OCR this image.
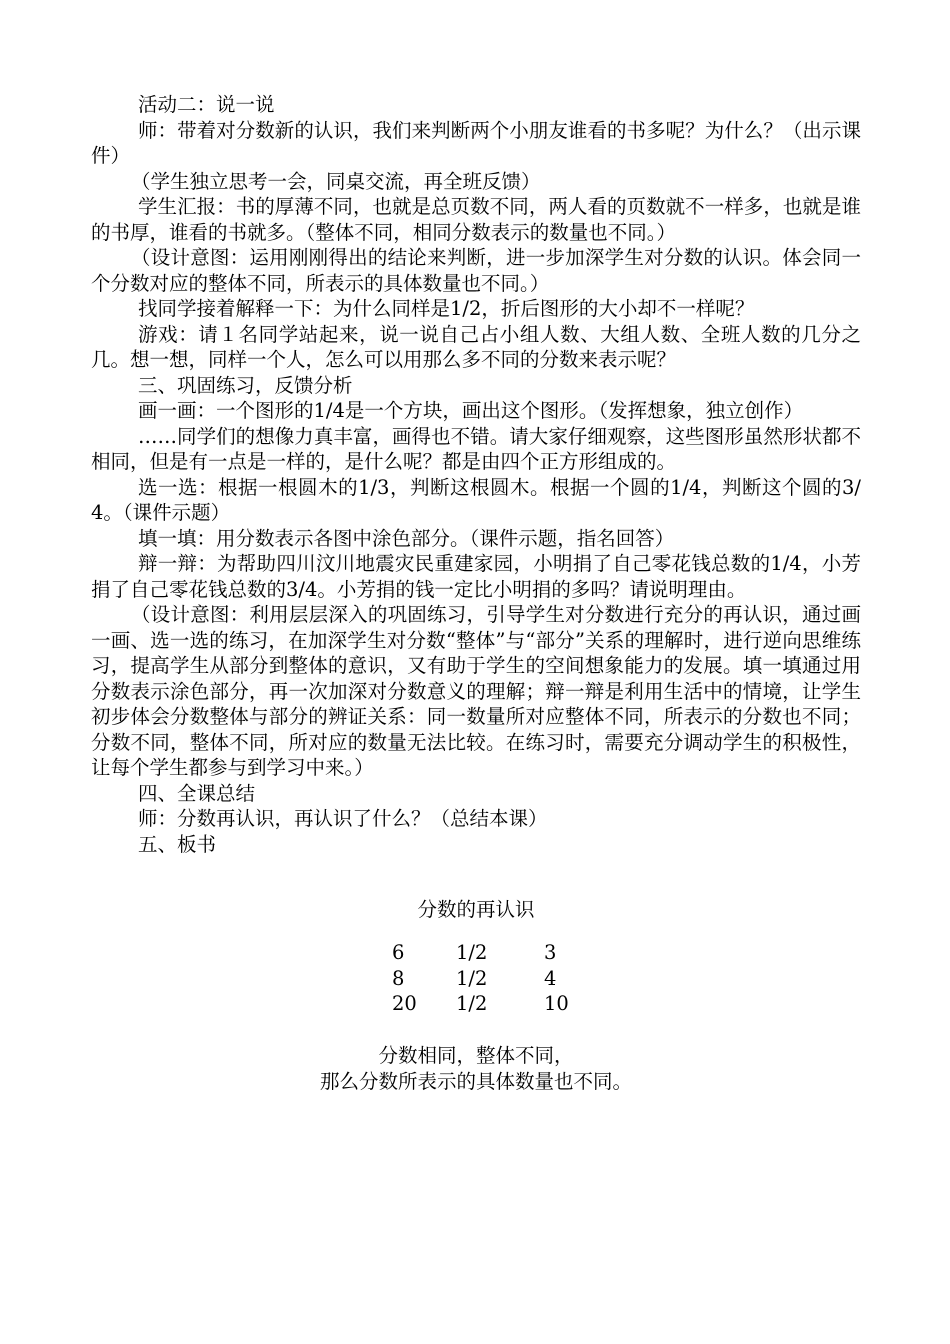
活动二：说一说

师：带着对分数新的认识，我们来判断两个小朋友谁看的书多呢？为什么？（出示课件）

（学生独立思考一会，同桌交流，再全班反馈）

学生汇报：书的厚薄不同，也就是总页数不同，两人看的页数就不一样多，也就是谁的书厚，谁看的书就多。（整体不同，相同分数表示的数量也不同。）

（设计意图：运用刚刚得出的结论来判断，进一步加深学生对分数的认识。体会同一个分数对应的整体不同，所表示的具体数量也不同。）

找同学接着解释一下：为什么同样是1/2，折后图形的大小却不一样呢？

游戏：请１名同学站起来，说一说自己占小组人数、大组人数、全班人数的几分之几。想一想，同样一个人，怎么可以用那么多不同的分数来表示呢？

三、巩固练习，反馈分析

画一画：一个图形的1/4是一个方块，画出这个图形。（发挥想象，独立创作）

……同学们的想像力真丰富，画得也不错。请大家仔细观察，这些图形虽然形状都不相同，但是有一点是一样的，是什么呢？都是由四个正方形组成的。

选一选：根据一根圆木的1/3，判断这根圆木。根据一个圆的1/4，判断这个圆的3/4。（课件示题）

填一填：用分数表示各图中涂色部分。（课件示题，指名回答）

辩一辩：为帮助四川汶川地震灾民重建家园，小明捐了自己零花钱总数的1/4，小芳捐了自己零花钱总数的3/4。小芳捐的钱一定比小明捐的多吗？请说明理由。

（设计意图：利用层层深入的巩固练习，引导学生对分数进行充分的再认识，通过画一画、选一选的练习，在加深学生对分数“整体”与“部分”关系的理解时，进行逆向思维练习，提高学生从部分到整体的意识，又有助于学生的空间想象能力的发展。填一填通过用分数表示涂色部分，再一次加深对分数意义的理解；辩一辩是利用生活中的情境，让学生初步体会分数整体与部分的辨证关系：同一数量所对应整体不同，所表示的分数也不同；分数不同，整体不同，所对应的数量无法比较。在练习时，需要充分调动学生的积极性，让每个学生都参与到学习中来。）

四、全课总结

师：分数再认识，再认识了什么？（总结本课）

五、板书

分数的再认识
6	1/2	3
8	1/2	4
20	1/2	10
分数相同，整体不同，
那么分数所表示的具体数量也不同。
